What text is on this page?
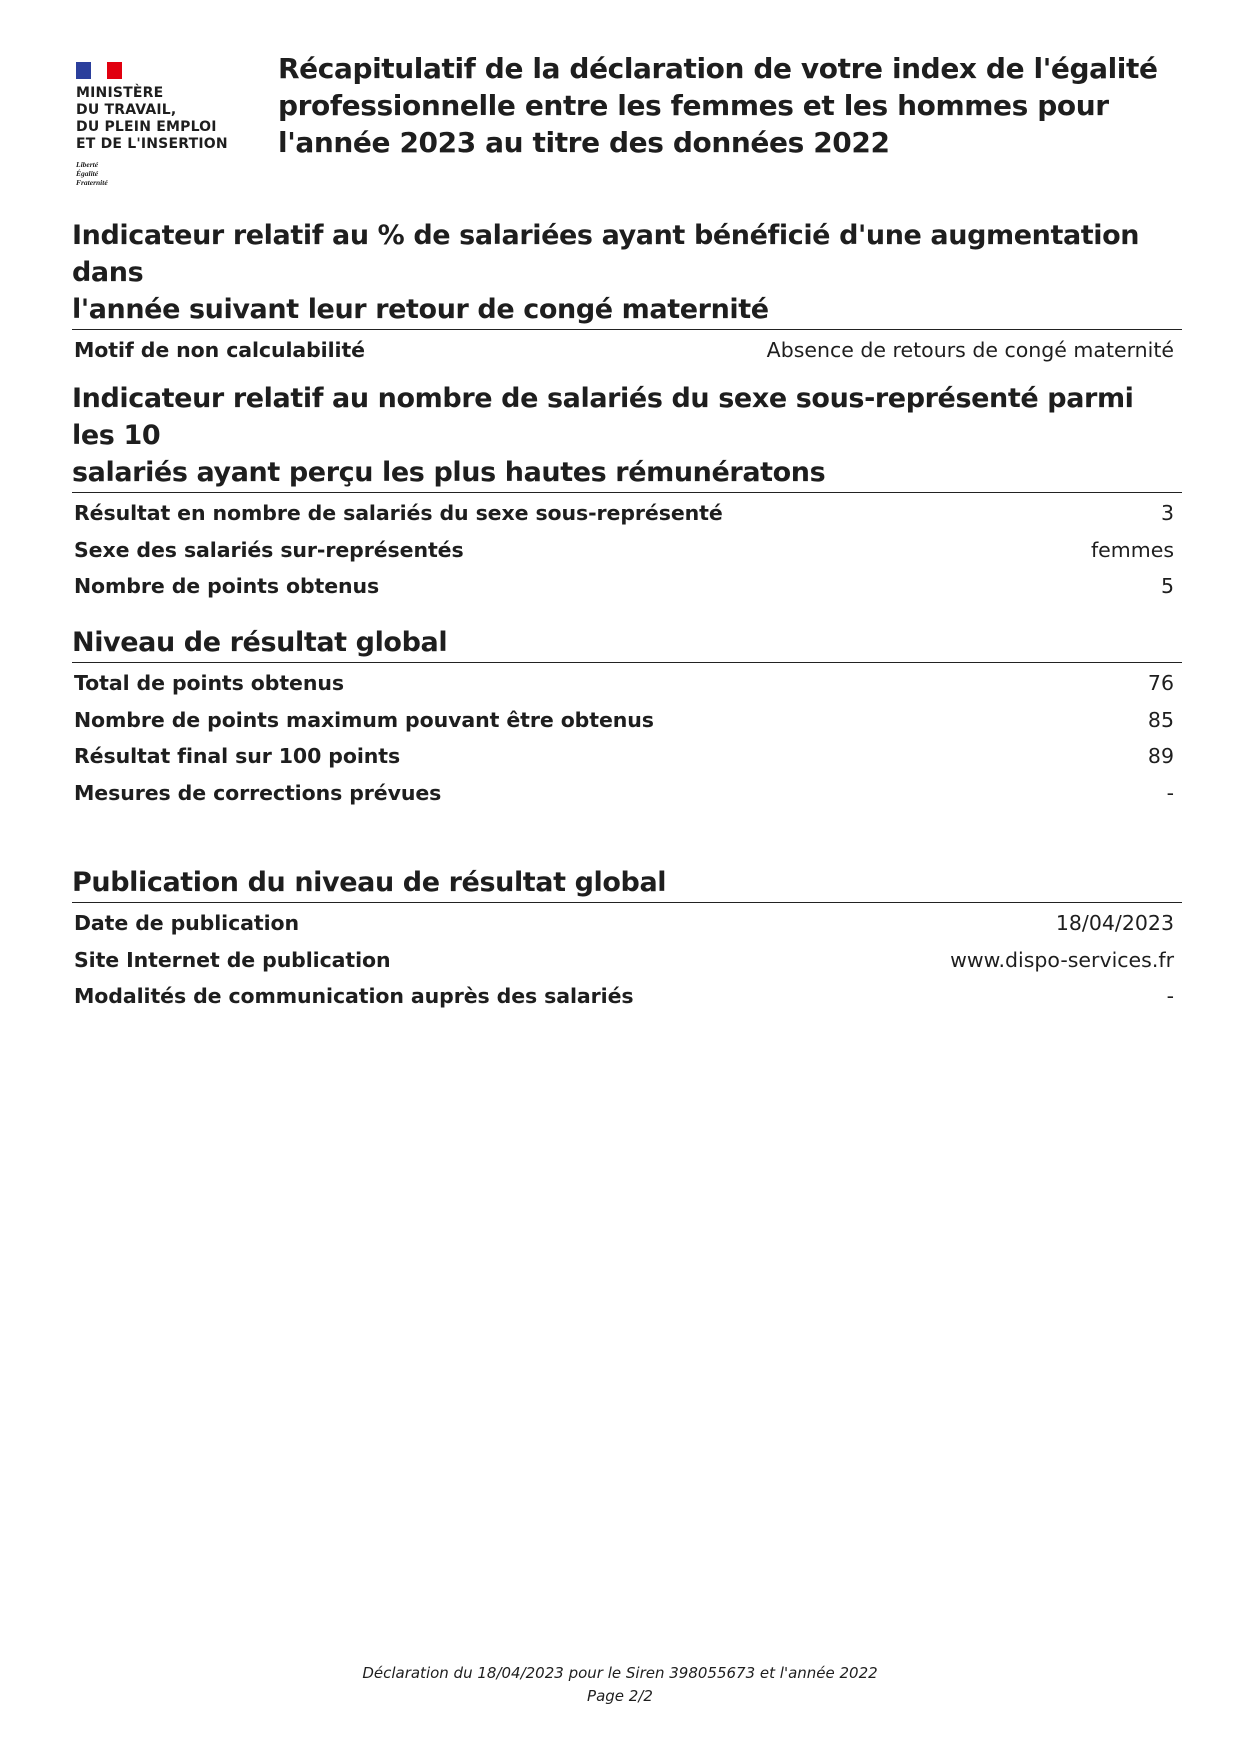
MINISTÈRE
DU TRAVAIL,
DU PLEIN EMPLOI
ET DE L'INSERTION
Liberté
Égalité
Fraternité
Récapitulatif de la déclaration de votre index de l'égalité
professionnelle entre les femmes et les hommes pour
l'année 2023 au titre des données 2022
Indicateur relatif au % de salariées ayant bénéficié d'une augmentation dans
l'année suivant leur retour de congé maternité
Motif de non calculabilité	Absence de retours de congé maternité
Indicateur relatif au nombre de salariés du sexe sous-représenté parmi les 10
salariés ayant perçu les plus hautes rémunératons
Résultat en nombre de salariés du sexe sous-représenté	3
Sexe des salariés sur-représentés	femmes
Nombre de points obtenus	5
Niveau de résultat global
Total de points obtenus	76
Nombre de points maximum pouvant être obtenus	85
Résultat final sur 100 points	89
Mesures de corrections prévues	-
Publication du niveau de résultat global
Date de publication	18/04/2023
Site Internet de publication	www.dispo-services.fr
Modalités de communication auprès des salariés	-
Déclaration du 18/04/2023 pour le Siren 398055673 et l'année 2022
Page 2/2
